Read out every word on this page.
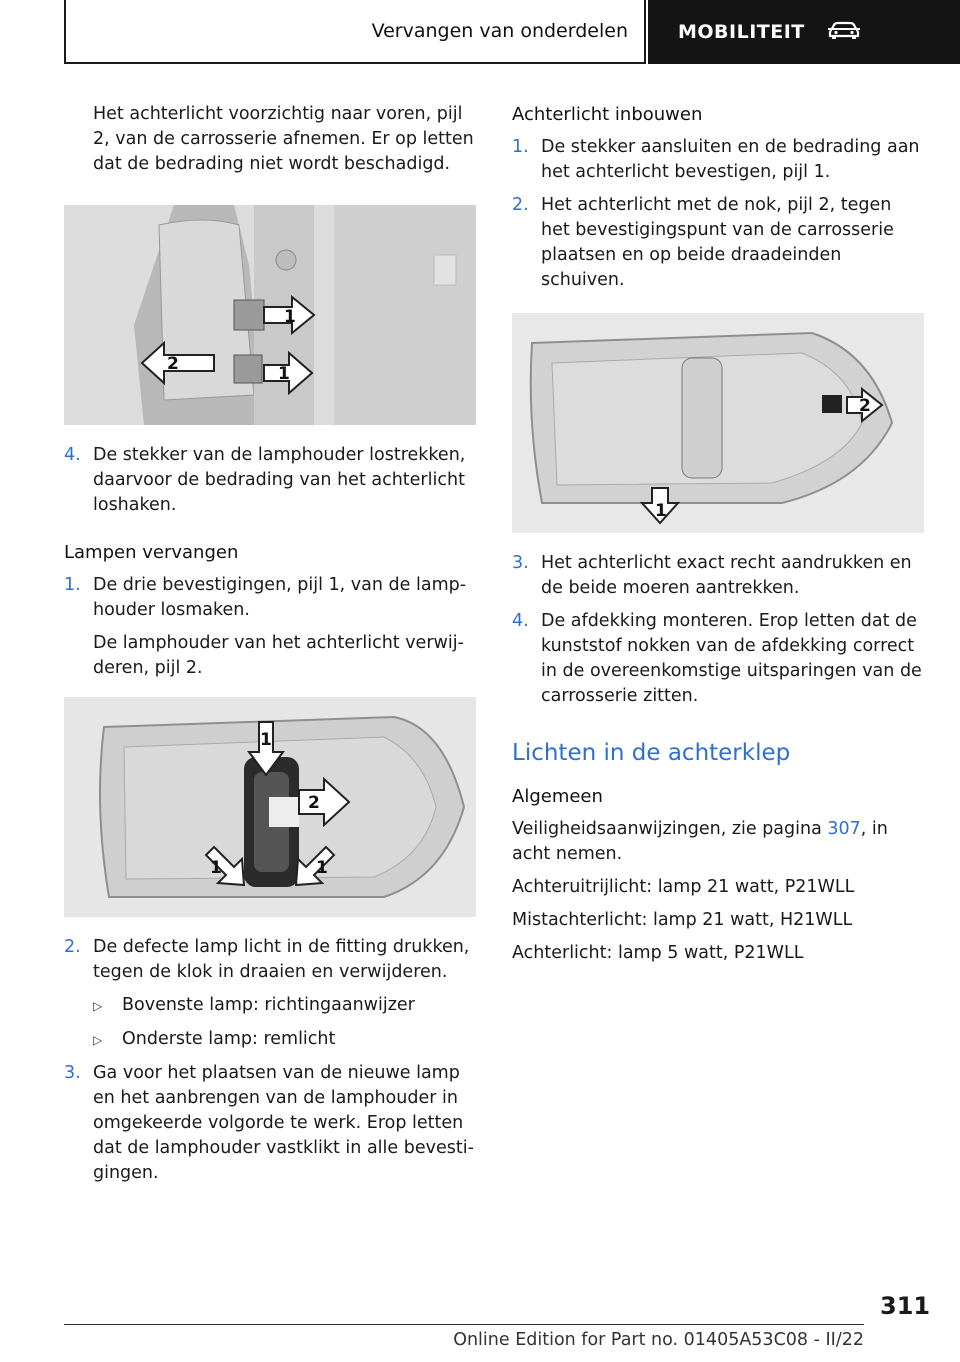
Vervangen van onderdelen	MOBILITEIT

Het achterlicht voorzichtig naar voren, pijl 2, van de carrosserie afnemen. Er op letten dat de bedrading niet wordt beschadigd.

1
2	1
4. De stekker van de lamphouder lostrekken, daarvoor de bedrading van het achterlicht loshaken.

Lampen vervangen

1. De drie bevestigingen, pijl 1, van de lamphouder losmaken.

De lamphouder van het achterlicht verwijderen, pijl 2.

1
2
1	1
2. De defecte lamp licht in de fitting drukken, tegen de klok in draaien en verwijderen.
▷	Bovenste lamp: richtingaanwijzer
▷	Onderste lamp: remlicht
3. Ga voor het plaatsen van de nieuwe lamp en het aanbrengen van de lamphouder in omgekeerde volgorde te werk. Erop letten dat de lamphouder vastklikt in alle bevestigingen.

Achterlicht inbouwen

1. De stekker aansluiten en de bedrading aan het achterlicht bevestigen, pijl 1.
2. Het achterlicht met de nok, pijl 2, tegen het bevestigingspunt van de carrosserie plaatsen en op beide draadeinden schuiven.
2
1
3. Het achterlicht exact recht aandrukken en de beide moeren aantrekken.
4. De afdekking monteren. Erop letten dat de kunststof nokken van de afdekking correct in de overeenkomstige uitsparingen van de carrosserie zitten.

Lichten in de achterklep

Algemeen

Veiligheidsaanwijzingen, zie pagina 307, in acht nemen.

Achteruitrijlicht: lamp 21 watt, P21WLL

Mistachterlicht: lamp 21 watt, H21WLL

Achterlicht: lamp 5 watt, P21WLL

311
Online Edition for Part no. 01405A53C08 - II/22
